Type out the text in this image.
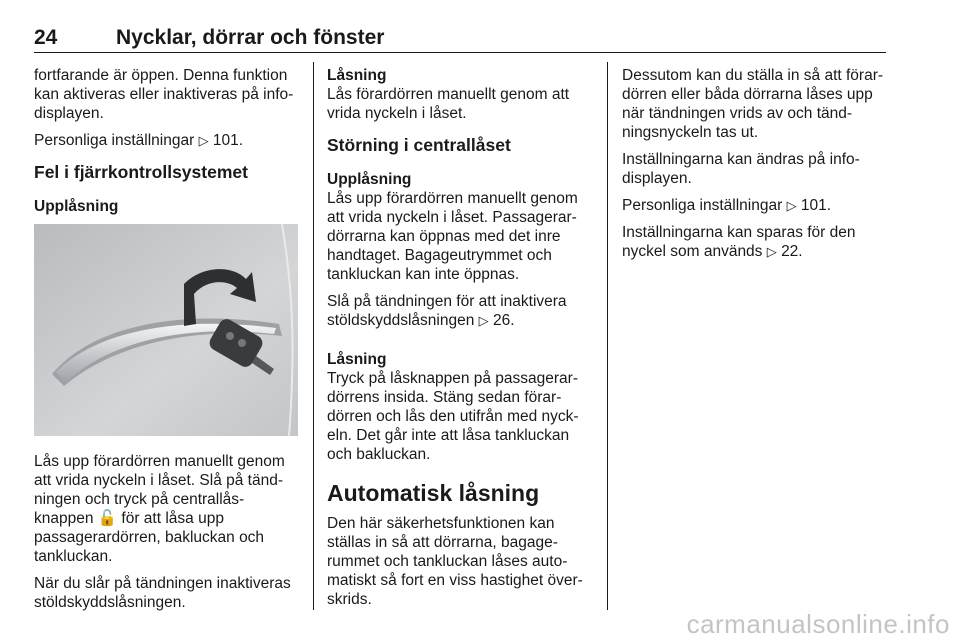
24	Nycklar, dörrar och fönster

fortfarande är öppen. Denna funktion kan aktiveras eller inaktiveras på info-displayen.

Personliga inställningar ▷ 101.

Fel i fjärrkontrollsystemet
Upplåsning

Lås upp förardörren manuellt genom att vrida nyckeln i låset. Slå på tänd-ningen och tryck på centrallås-knappen 🔓 för att låsa upp passagerardörren, bakluckan och tankluckan.

När du slår på tändningen inaktiveras stöldskyddslåsningen.

Låsning

Lås förardörren manuellt genom att vrida nyckeln i låset.

Störning i centrallåset
Upplåsning

Lås upp förardörren manuellt genom att vrida nyckeln i låset. Passagerar-dörrarna kan öppnas med det inre handtaget. Bagageutrymmet och tankluckan kan inte öppnas.

Slå på tändningen för att inaktivera stöldskyddslåsningen ▷ 26.

Låsning

Tryck på låsknappen på passagerar-dörrens insida. Stäng sedan förar-dörren och lås den utifrån med nyck-eln. Det går inte att låsa tankluckan och bakluckan.

Automatisk låsning

Den här säkerhetsfunktionen kan ställas in så att dörrarna, bagage-rummet och tankluckan låses auto-matiskt så fort en viss hastighet över-skrids.

Dessutom kan du ställa in så att förar-dörren eller båda dörrarna låses upp när tändningen vrids av och tänd-ningsnyckeln tas ut.

Inställningarna kan ändras på info-displayen.

Personliga inställningar ▷ 101.

Inställningarna kan sparas för den nyckel som används ▷ 22.

carmanualsonline.info
